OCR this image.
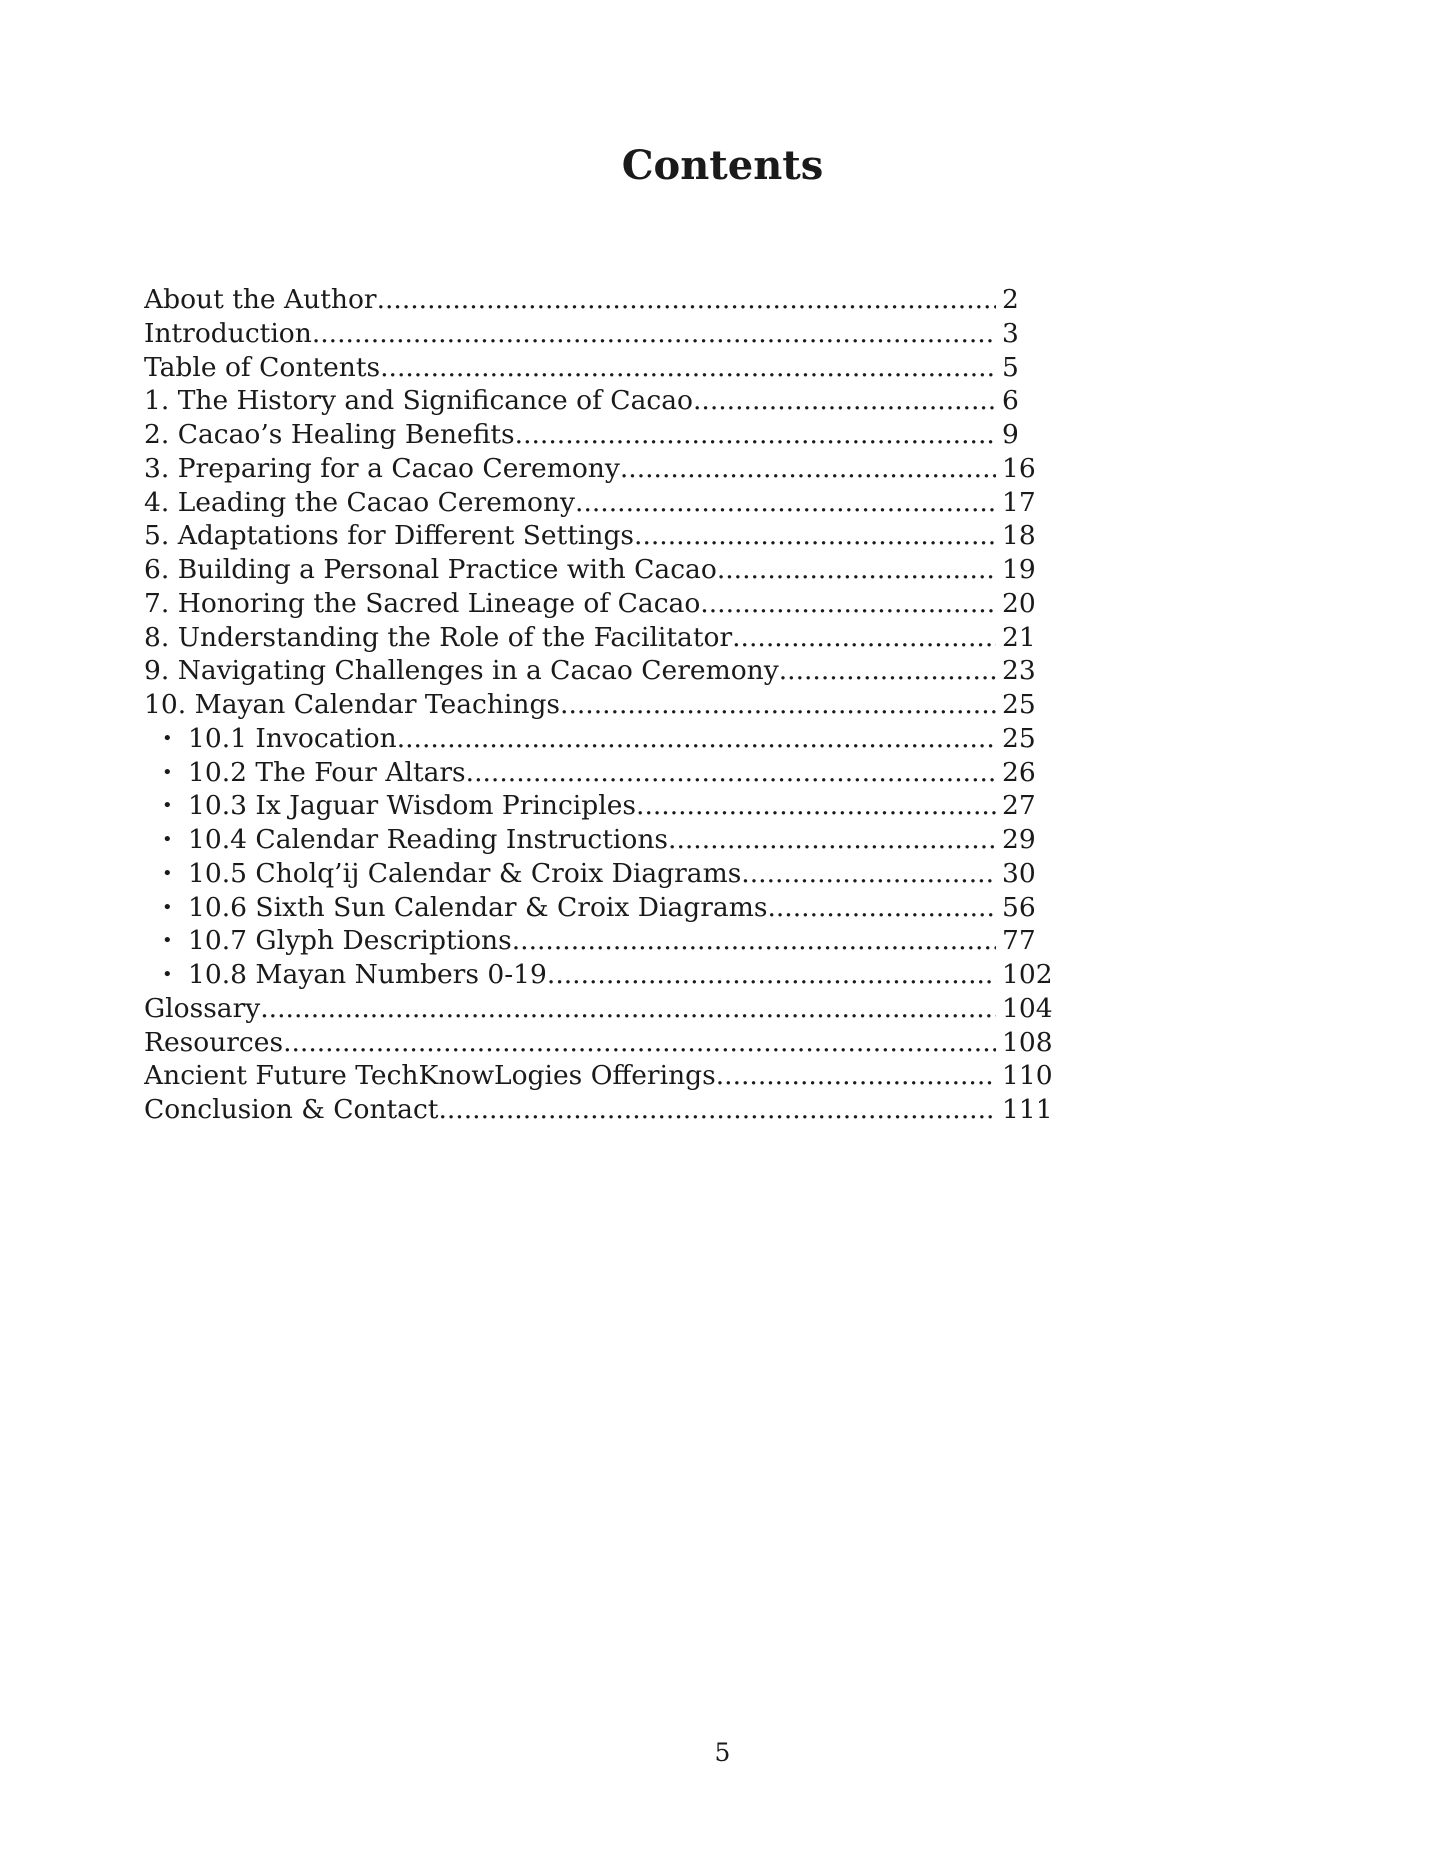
Contents
About the Author .....	2
Introduction .....	3
Table of Contents .....	5
1. The History and Significance of Cacao .....	6
2. Cacao’s Healing Benefits .....	9
3. Preparing for a Cacao Ceremony .....	16
4. Leading the Cacao Ceremony .....	17
5. Adaptations for Different Settings .....	18
6. Building a Personal Practice with Cacao .....	19
7. Honoring the Sacred Lineage of Cacao .....	20
8. Understanding the Role of the Facilitator .....	21
9. Navigating Challenges in a Cacao Ceremony .....	23
10. Mayan Calendar Teachings .....	25
• 10.1 Invocation .....	25
• 10.2 The Four Altars .....	26
• 10.3 Ix Jaguar Wisdom Principles .....	27
• 10.4 Calendar Reading Instructions .....	29
• 10.5 Cholq’ij Calendar & Croix Diagrams .....	30
• 10.6 Sixth Sun Calendar & Croix Diagrams .....	56
• 10.7 Glyph Descriptions .....	77
• 10.8 Mayan Numbers 0-19 .....	102
Glossary .....	104
Resources .....	108
Ancient Future TechKnowLogies Offerings .....	110
Conclusion & Contact .....	111
5
